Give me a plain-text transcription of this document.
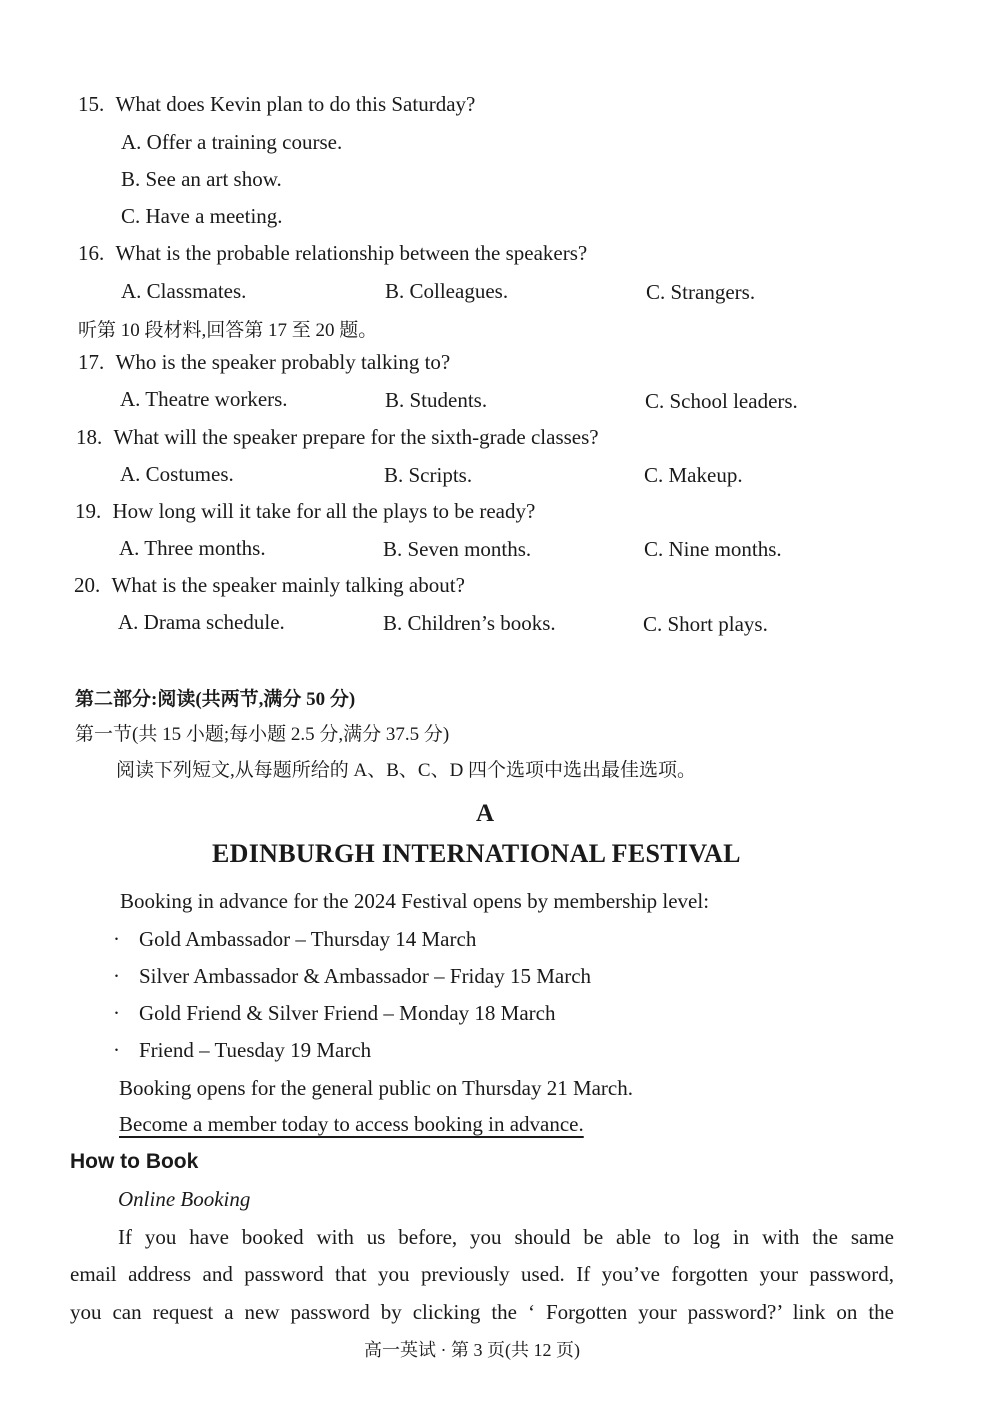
15. What does Kevin plan to do this Saturday?
A. Offer a training course.
B. See an art show.
C. Have a meeting.
16. What is the probable relationship between the speakers?
A. Classmates.	B. Colleagues.	C. Strangers.
听第 10 段材料,回答第 17 至 20 题。
17. Who is the speaker probably talking to?
A. Theatre workers.	B. Students.	C. School leaders.
18. What will the speaker prepare for the sixth-grade classes?
A. Costumes.	B. Scripts.	C. Makeup.
19. How long will it take for all the plays to be ready?
A. Three months.	B. Seven months.	C. Nine months.
20. What is the speaker mainly talking about?
A. Drama schedule.	B. Children’s books.	C. Short plays.
第二部分:阅读(共两节,满分 50 分)
第一节(共 15 小题;每小题 2.5 分,满分 37.5 分)
阅读下列短文,从每题所给的 A、B、C、D 四个选项中选出最佳选项。
A
EDINBURGH INTERNATIONAL FESTIVAL
Booking in advance for the 2024 Festival opens by membership level:
· Gold Ambassador – Thursday 14 March
· Silver Ambassador & Ambassador – Friday 15 March
· Gold Friend & Silver Friend – Monday 18 March
· Friend – Tuesday 19 March
Booking opens for the general public on Thursday 21 March.
Become a member today to access booking in advance.
How to Book
Online Booking
If you have booked with us before, you should be able to log in with the same
email address and password that you previously used. If you’ve forgotten your password,
you can request a new password by clicking the ‘ Forgotten your password?’ link on the
高一英试 · 第 3 页(共 12 页)
